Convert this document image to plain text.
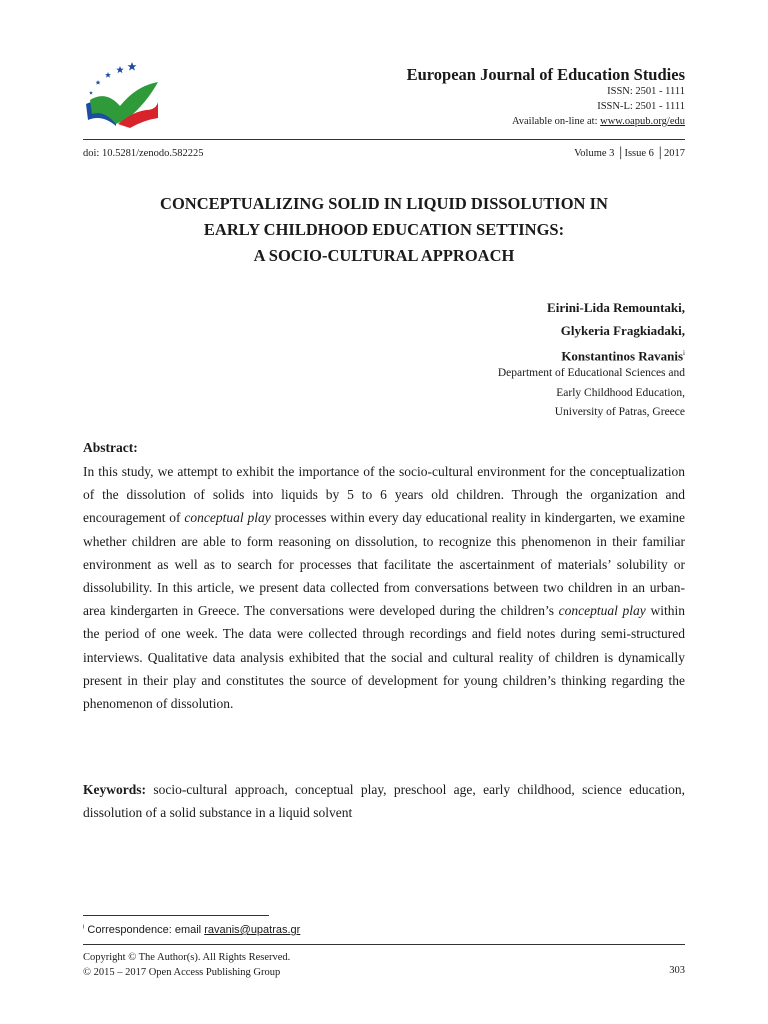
European Journal of Education Studies
ISSN: 2501 - 1111
ISSN-L: 2501 - 1111
Available on-line at: www.oapub.org/edu
doi: 10.5281/zenodo.582225	Volume 3 │Issue 6 │2017
CONCEPTUALIZING SOLID IN LIQUID DISSOLUTION IN
EARLY CHILDHOOD EDUCATION SETTINGS:
A SOCIO-CULTURAL APPROACH
Eirini-Lida Remountaki,
Glykeria Fragkiadaki,
Konstantinos Ravanis$^i$
Department of Educational Sciences and
Early Childhood Education,
University of Patras, Greece
Abstract:
In this study, we attempt to exhibit the importance of the socio-cultural environment for the conceptualization of the dissolution of solids into liquids by 5 to 6 years old children. Through the organization and encouragement of conceptual play processes within every day educational reality in kindergarten, we examine whether children are able to form reasoning on dissolution, to recognize this phenomenon in their familiar environment as well as to search for processes that facilitate the ascertainment of materials’ solubility or dissolubility. In this article, we present data collected from conversations between two children in an urban-area kindergarten in Greece. The conversations were developed during the children’s conceptual play within the period of one week. The data were collected through recordings and field notes during semi-structured interviews. Qualitative data analysis exhibited that the social and cultural reality of children is dynamically present in their play and constitutes the source of development for young children’s thinking regarding the phenomenon of dissolution.
Keywords: socio-cultural approach, conceptual play, preschool age, early childhood, science education, dissolution of a solid substance in a liquid solvent
$^i$ Correspondence: email ravanis@upatras.gr
Copyright © The Author(s). All Rights Reserved.
© 2015 – 2017 Open Access Publishing Group	303
